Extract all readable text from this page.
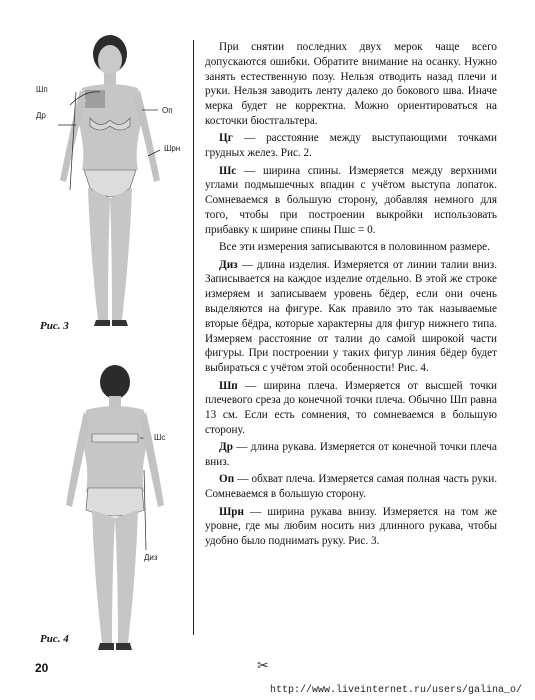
Шп
Др
Оп
Шрн
Рис. 3
Шс
Диз
Рис. 4

При снятии последних двух мерок чаще всего допускаются ошибки. Обратите внимание на осанку. Нужно занять естественную позу. Нельзя отводить назад плечи и руки. Нельзя заводить ленту далеко до бокового шва. Иначе мерка будет не корректна. Можно ориентироваться на косточки бюстгальтера.

Цг — расстояние между выступающими точками грудных желез. Рис. 2.

Шс — ширина спины. Измеряется между верхними углами подмышечных впадин с учётом выступа лопаток. Сомневаемся в большую сторону, добавляя немного для того, чтобы при построении выкройки использовать прибавку к ширине спины Пшс = 0.

Все эти измерения записываются в половинном размере.

Диз — длина изделия. Измеряется от линии талии вниз. Записывается на каждое изделие отдельно. В этой же строке измеряем и записываем уровень бёдер, если они очень выделяются на фигуре. Как правило это так называемые вторые бёдра, которые характерны для фигур нижнего типа. Измеряем расстояние от талии до самой широкой части фигуры. При построении у таких фигур линия бёдер будет выбираться с учётом этой особенности! Рис. 4.

Шп — ширина плеча. Измеряется от высшей точки плечевого среза до конечной точки плеча. Обычно Шп равна 13 см. Если есть сомнения, то сомневаемся в большую сторону.

Др — длина рукава. Измеряется от конечной точки плеча вниз.

Оп — обхват плеча. Измеряется самая полная часть руки. Сомневаемся в большую сторону.

Шрн — ширина рукава внизу. Измеряется на том же уровне, где мы любим носить низ длинного рукава, чтобы удобно было поднимать руку. Рис. 3.

20	✂
http://www.liveinternet.ru/users/galina_o/
